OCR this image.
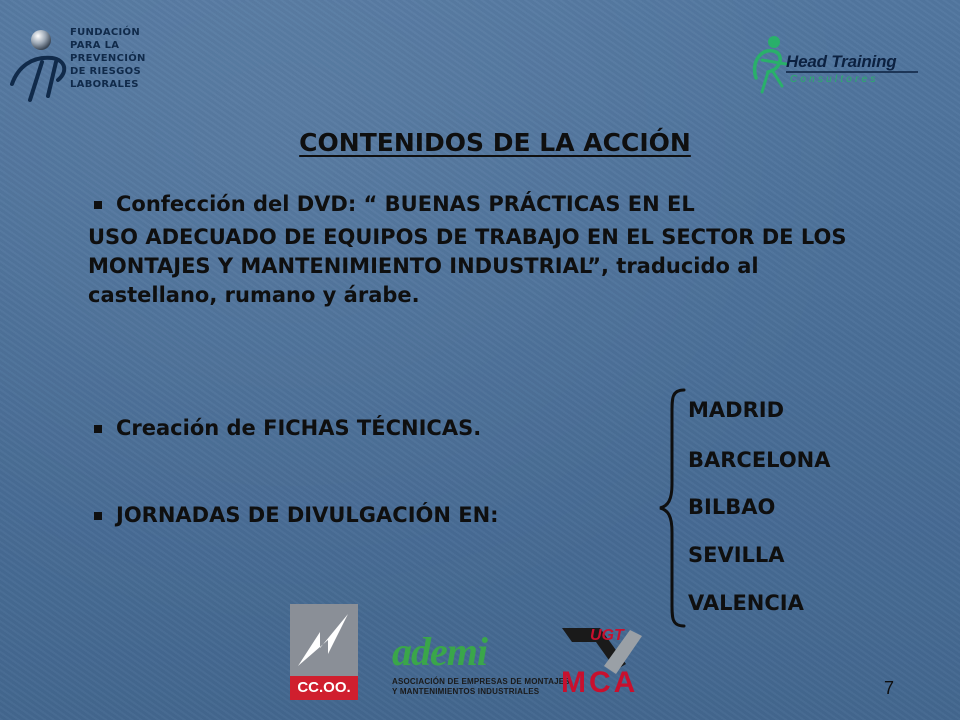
FUNDACIÓN
PARA LA
PREVENCIÓN
DE RIESGOS
LABORALES
Head Training
Consultores
CONTENIDOS DE LA ACCIÓN
Confección del DVD: “ BUENAS PRÁCTICAS EN EL
USO ADECUADO DE EQUIPOS DE TRABAJO EN EL SECTOR DE LOS MONTAJES Y MANTENIMIENTO INDUSTRIAL”, traducido al castellano, rumano y árabe.
Creación de FICHAS TÉCNICAS.
JORNADAS DE DIVULGACIÓN EN:
MADRID
BARCELONA
BILBAO
SEVILLA
VALENCIA
CC.OO.
ademi
ASOCIACIÓN DE EMPRESAS DE MONTAJES
Y MANTENIMIENTOS INDUSTRIALES
UGT
MCA	7
